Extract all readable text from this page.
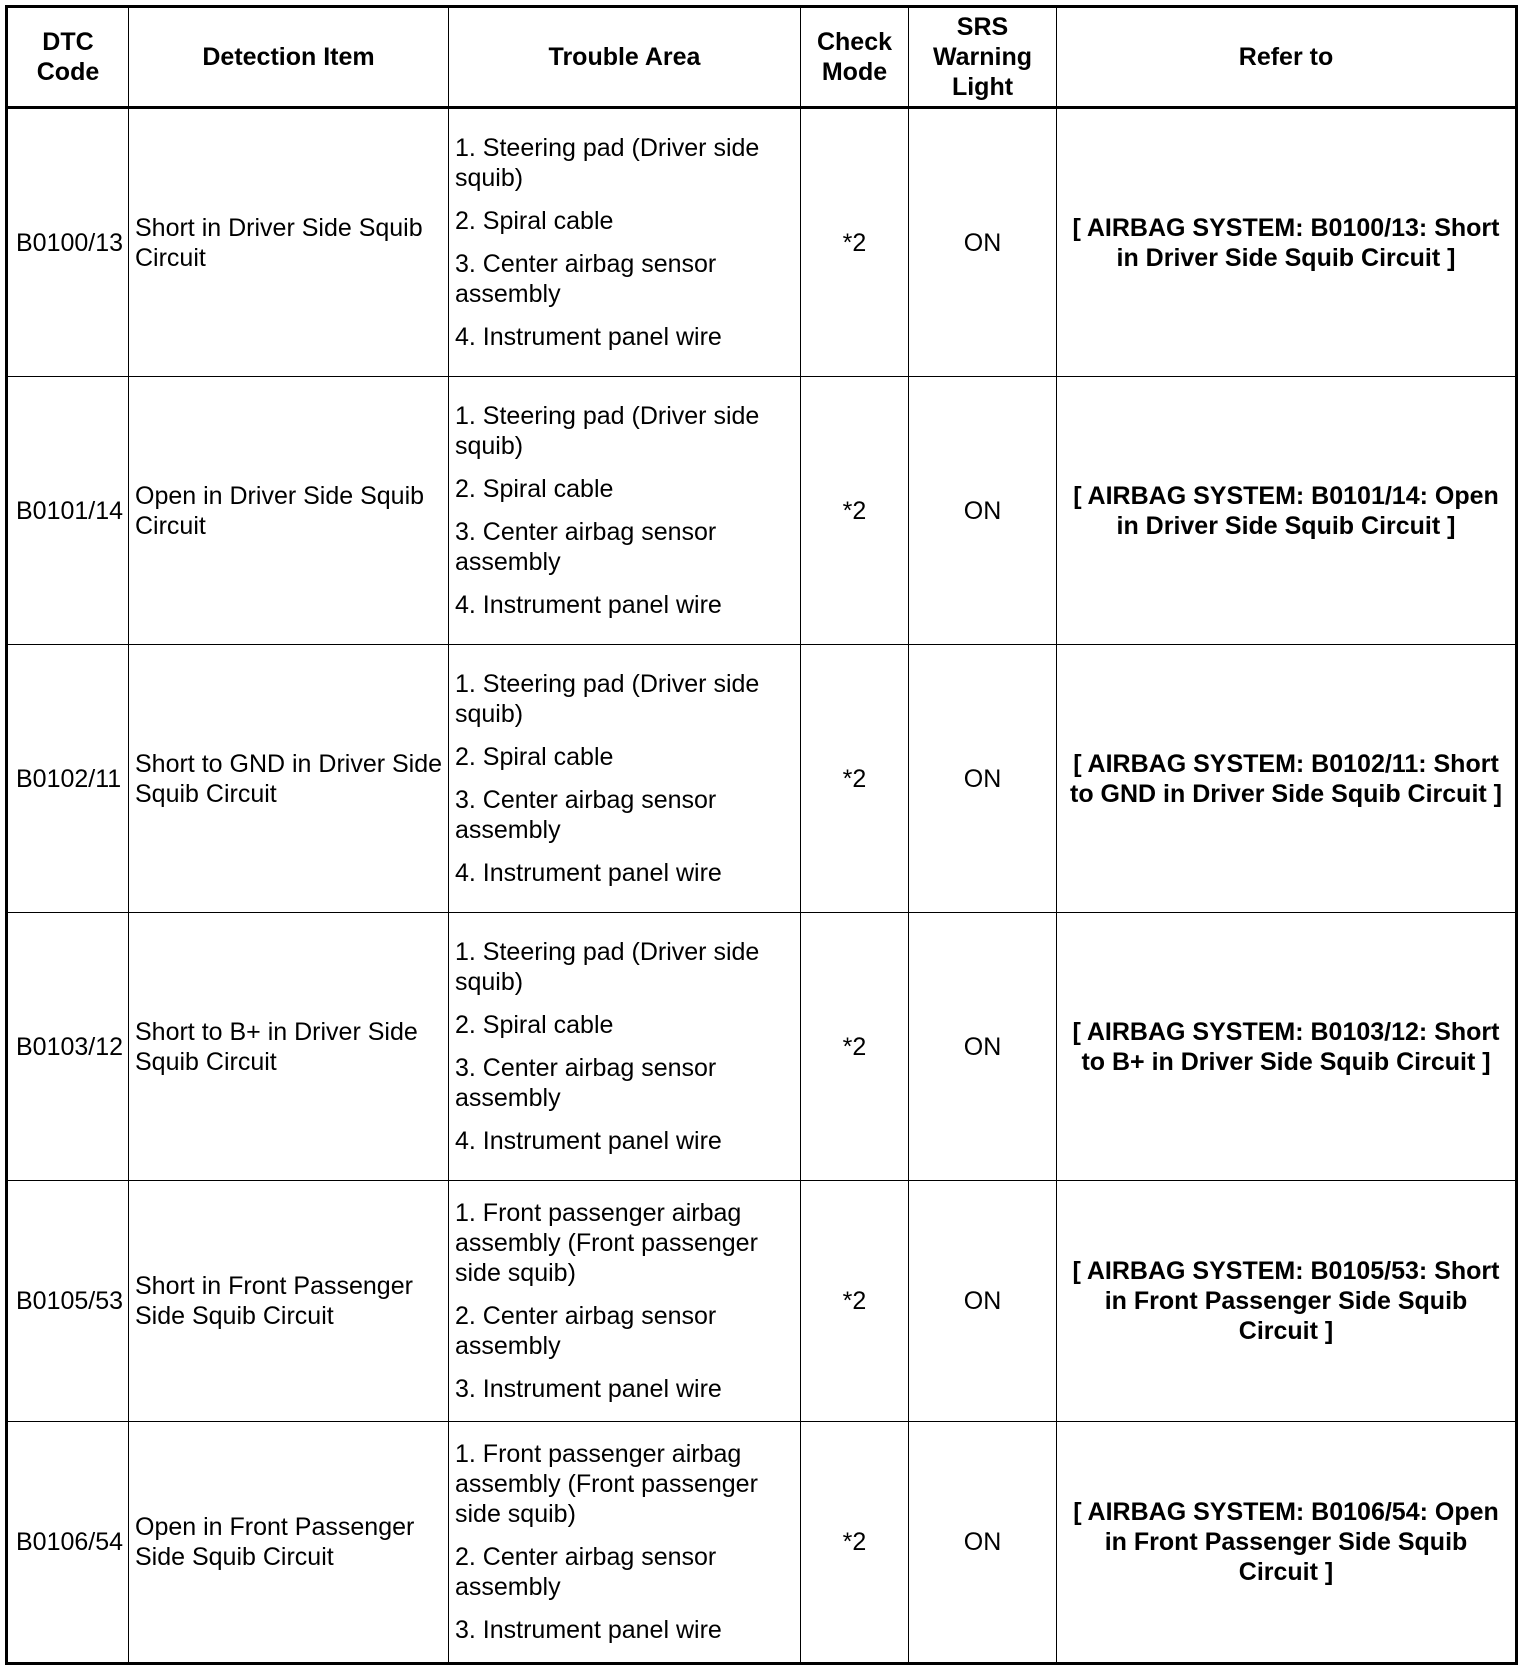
DTC Code	Detection Item	Trouble Area	Check Mode	SRS Warning Light	Refer to
B0100/13	Short in Driver Side Squib Circuit	1. Steering pad (Driver side squib)
2. Spiral cable
3. Center airbag sensor assembly
4. Instrument panel wire	*2	ON	[ AIRBAG SYSTEM: B0100/13: Short in Driver Side Squib Circuit ]
B0101/14	Open in Driver Side Squib Circuit	1. Steering pad (Driver side squib)
2. Spiral cable
3. Center airbag sensor assembly
4. Instrument panel wire	*2	ON	[ AIRBAG SYSTEM: B0101/14: Open in Driver Side Squib Circuit ]
B0102/11	Short to GND in Driver Side Squib Circuit	1. Steering pad (Driver side squib)
2. Spiral cable
3. Center airbag sensor assembly
4. Instrument panel wire	*2	ON	[ AIRBAG SYSTEM: B0102/11: Short to GND in Driver Side Squib Circuit ]
B0103/12	Short to B+ in Driver Side Squib Circuit	1. Steering pad (Driver side squib)
2. Spiral cable
3. Center airbag sensor assembly
4. Instrument panel wire	*2	ON	[ AIRBAG SYSTEM: B0103/12: Short to B+ in Driver Side Squib Circuit ]
B0105/53	Short in Front Passenger Side Squib Circuit	1. Front passenger airbag assembly (Front passenger side squib)
2. Center airbag sensor assembly
3. Instrument panel wire	*2	ON	[ AIRBAG SYSTEM: B0105/53: Short in Front Passenger Side Squib Circuit ]
B0106/54	Open in Front Passenger Side Squib Circuit	1. Front passenger airbag assembly (Front passenger side squib)
2. Center airbag sensor assembly
3. Instrument panel wire	*2	ON	[ AIRBAG SYSTEM: B0106/54: Open in Front Passenger Side Squib Circuit ]
